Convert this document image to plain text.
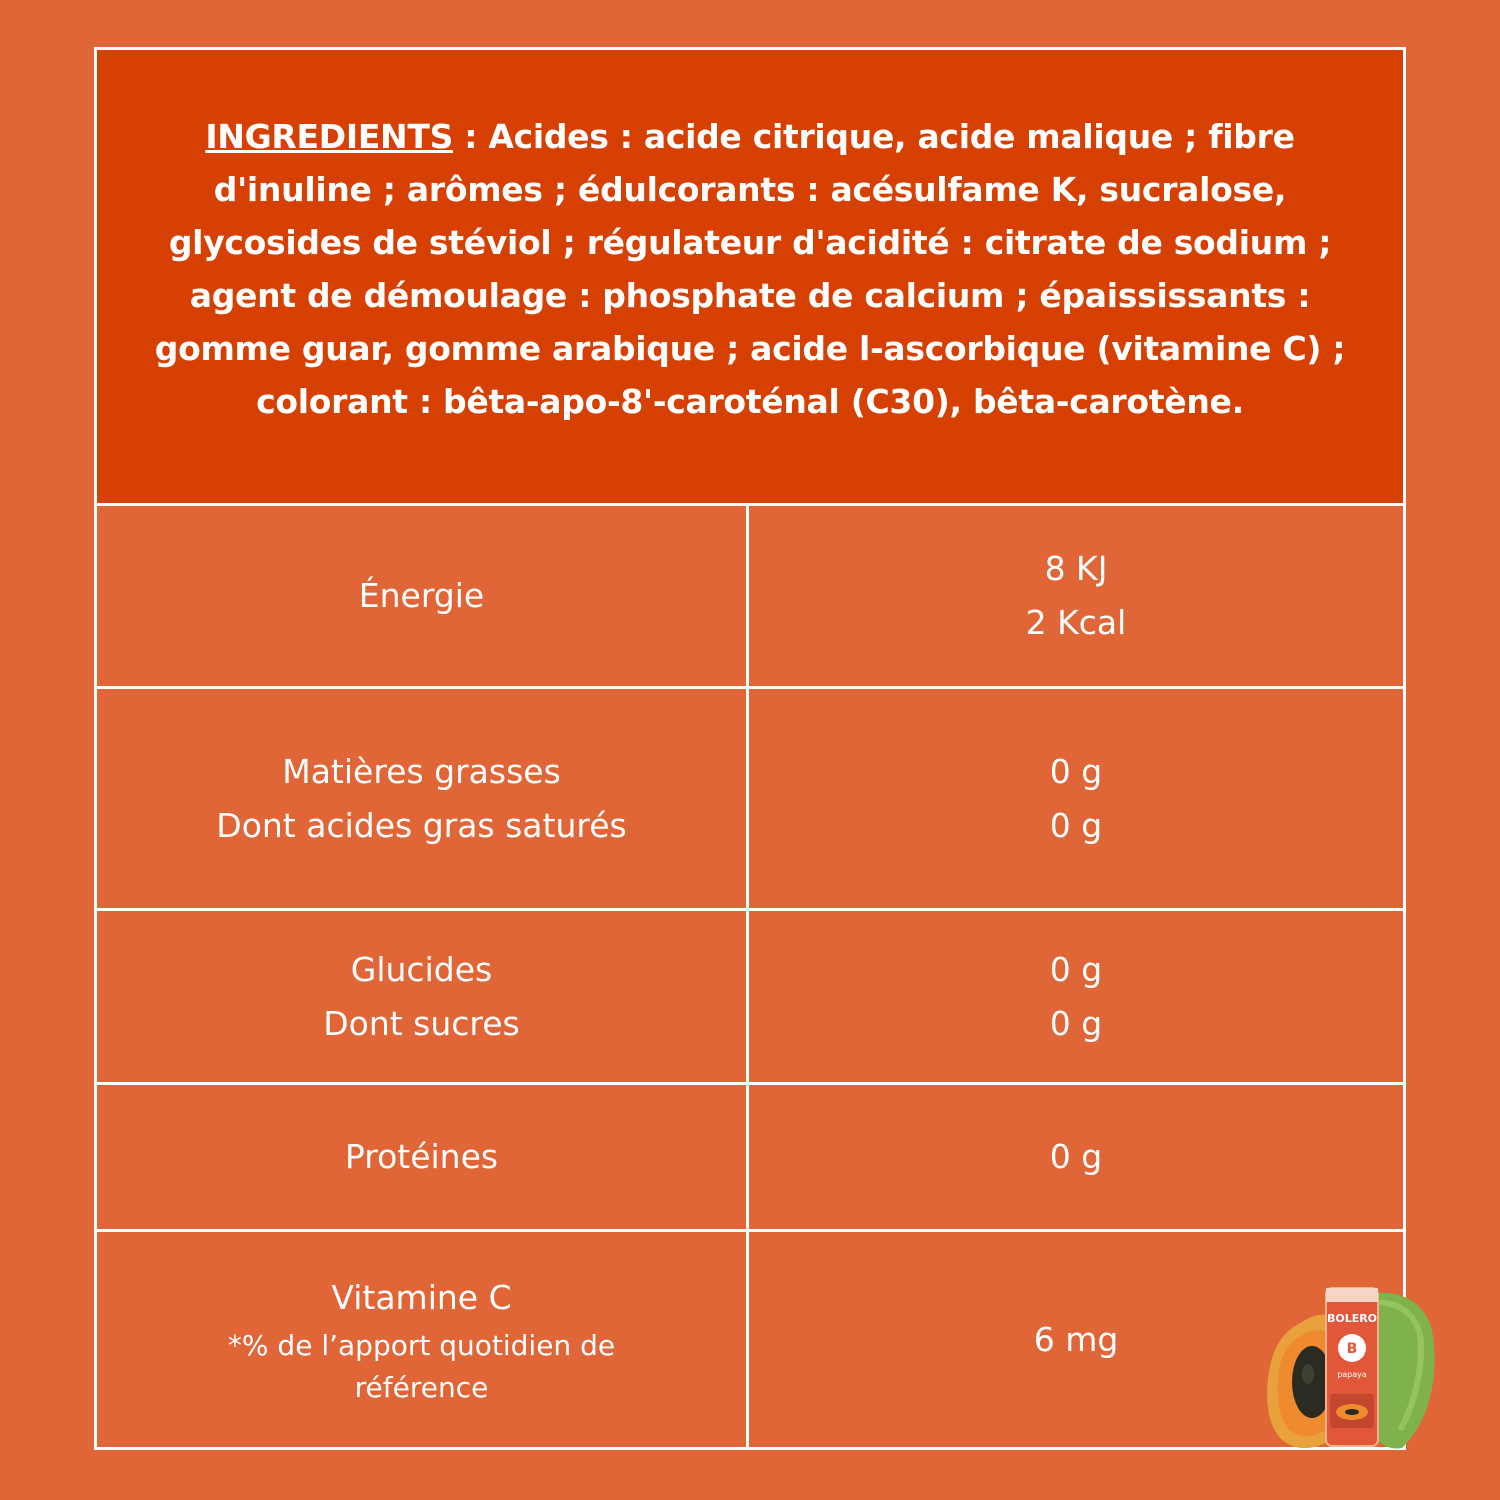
INGREDIENTS : Acides : acide citrique, acide malique ; fibre d'inuline ; arômes ; édulcorants : acésulfame K, sucralose, glycosides de stéviol ; régulateur d'acidité : citrate de sodium ; agent de démoulage : phosphate de calcium ; épaississants : gomme guar, gomme arabique ; acide l-ascorbique (vitamine C) ; colorant : bêta-apo-8'-caroténal (C30), bêta-carotène.

Énergie
8 KJ
2 Kcal
Matières grasses
Dont acides gras saturés
0 g
0 g
Glucides
Dont sucres
0 g
0 g
Protéines	0 g
Vitamine C
*% de l’apport quotidien de
référence
6 mg
BOLERO
B
papaya
